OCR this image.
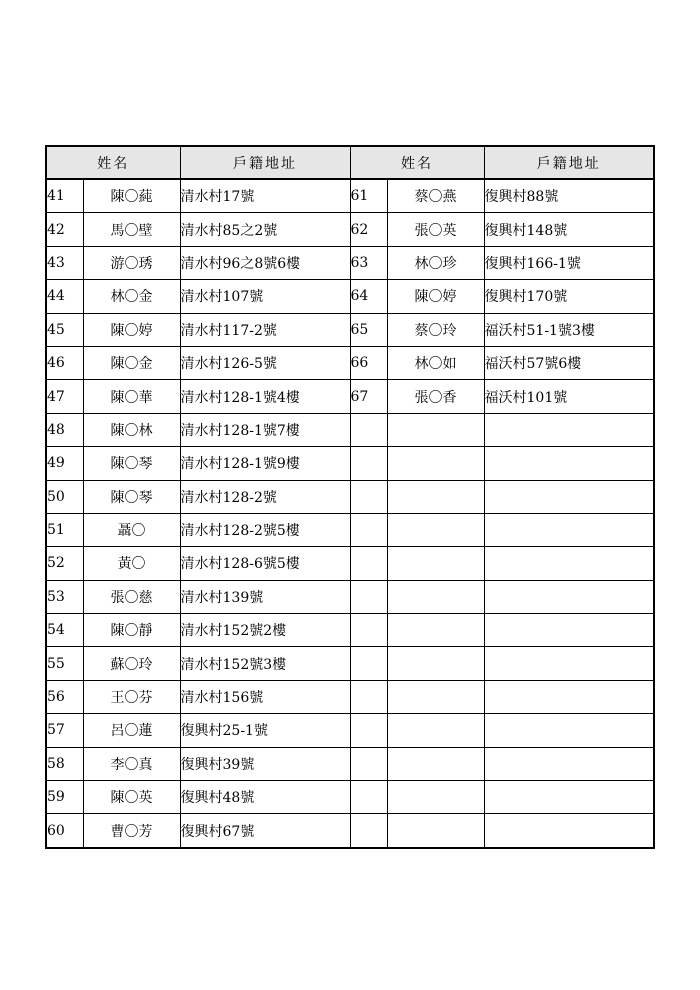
姓名		戶籍地址	姓名		戶籍地址
41	陳〇蒓	清水村17號	61	蔡〇燕	復興村88號
42	馬〇壁	清水村85之2號	62	張〇英	復興村148號
43	游〇琇	清水村96之8號6樓	63	林〇珍	復興村166-1號
44	林〇金	清水村107號	64	陳〇婷	復興村170號
45	陳〇婷	清水村117-2號	65	蔡〇玲	福沃村51-1號3樓
46	陳〇金	清水村126-5號	66	林〇如	福沃村57號6樓
47	陳〇華	清水村128-1號4樓	67	張〇香	福沃村101號
48	陳〇林	清水村128-1號7樓			
49	陳〇琴	清水村128-1號9樓			
50	陳〇琴	清水村128-2號			
51	聶〇	清水村128-2號5樓			
52	黃〇	清水村128-6號5樓			
53	張〇慈	清水村139號			
54	陳〇靜	清水村152號2樓			
55	蘇〇玲	清水村152號3樓			
56	王〇芬	清水村156號			
57	呂〇蓮	復興村25-1號			
58	李〇真	復興村39號			
59	陳〇英	復興村48號			
60	曹〇芳	復興村67號			
